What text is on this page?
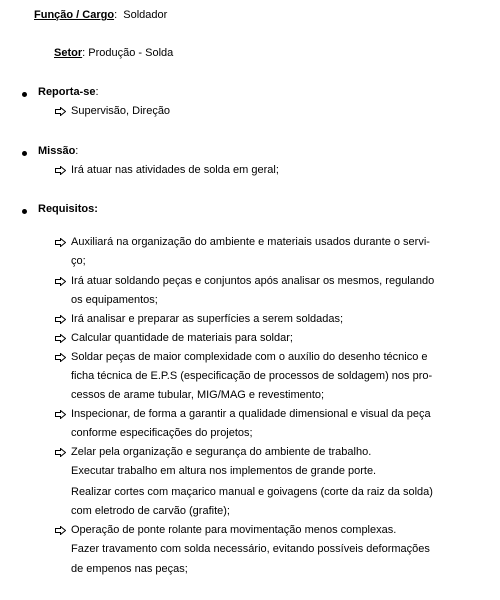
Função / Cargo: Soldador
Setor: Produção - Solda
Reporta-se:
Supervisão, Direção
Missão:
Irá atuar nas atividades de solda em geral;
Requisitos:
Auxiliará na organização do ambiente e materiais usados durante o servi-
ço;
Irá atuar soldando peças e conjuntos após analisar os mesmos, regulando
os equipamentos;
Irá analisar e preparar as superfícies a serem soldadas;
Calcular quantidade de materiais para soldar;
Soldar peças de maior complexidade com o auxílio do desenho técnico e
ficha técnica de E.P.S (especificação de processos de soldagem) nos pro-
cessos de arame tubular, MIG/MAG e revestimento;
Inspecionar, de forma a garantir a qualidade dimensional e visual da peça
conforme especificações do projetos;
Zelar pela organização e segurança do ambiente de trabalho.
Executar trabalho em altura nos implementos de grande porte.
Realizar cortes com maçarico manual e goivagens (corte da raiz da solda)
com eletrodo de carvão (grafite);
Operação de ponte rolante para movimentação menos complexas.
Fazer travamento com solda necessário, evitando possíveis deformações
de empenos nas peças;
